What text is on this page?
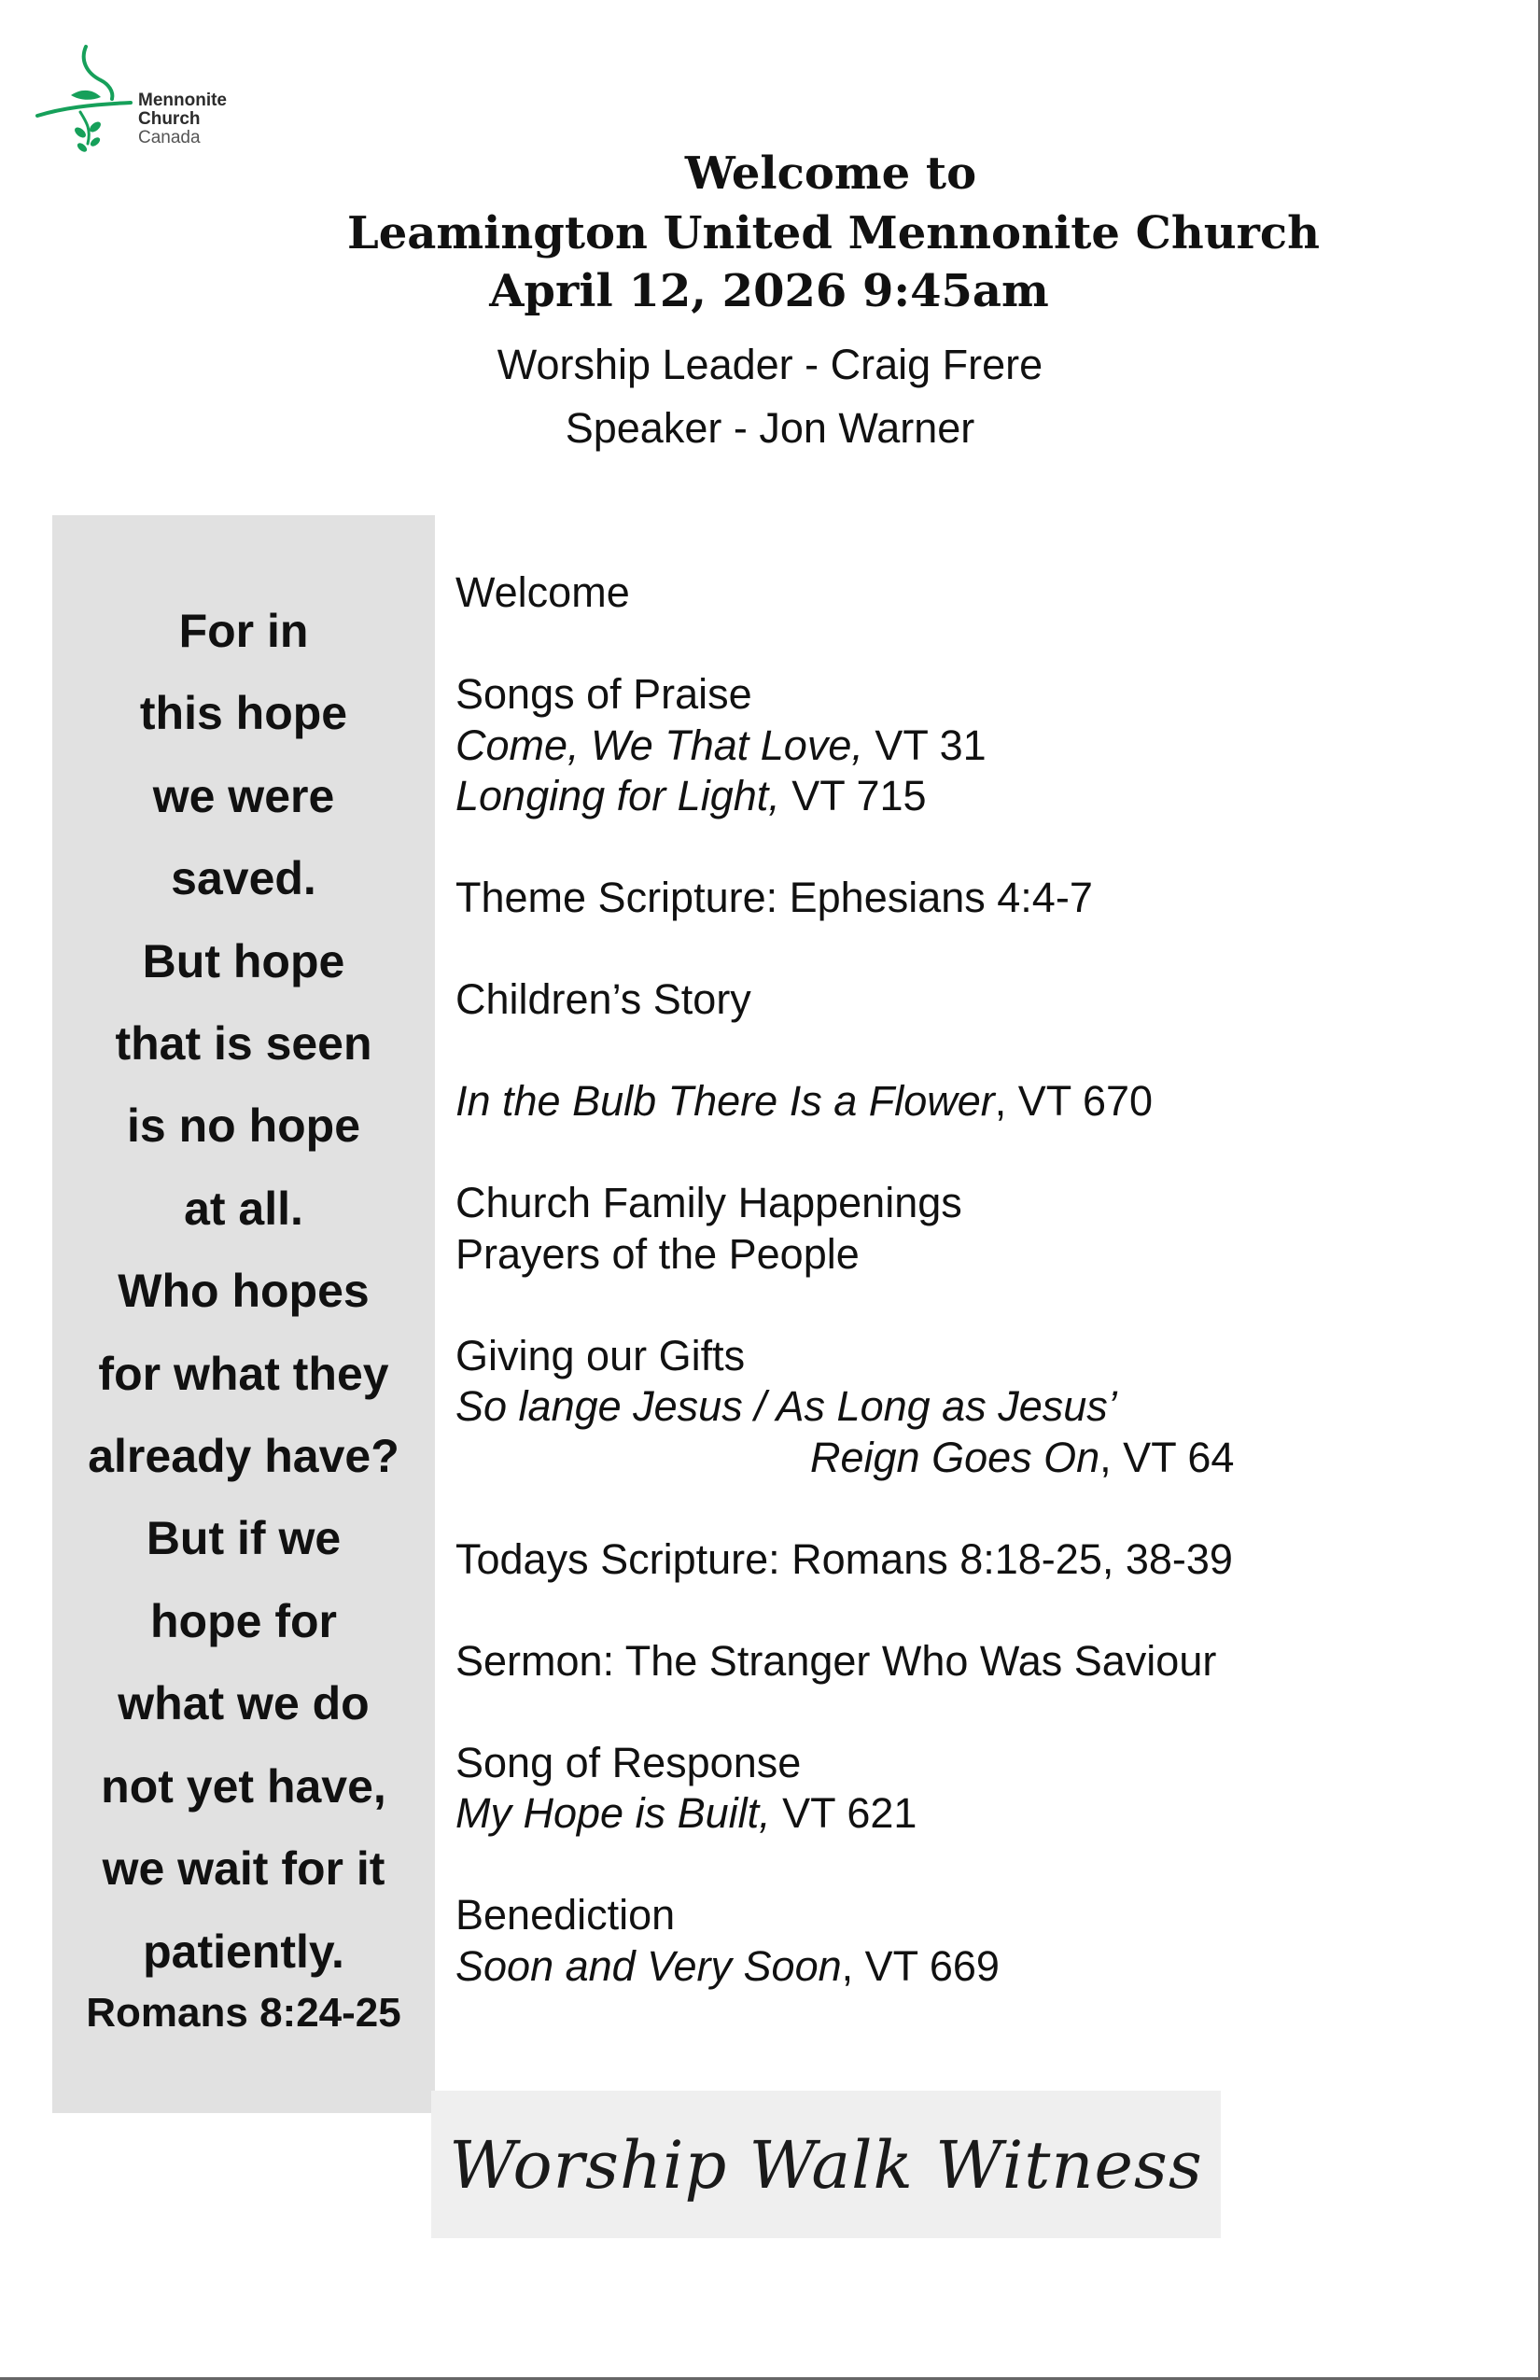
Mennonite
Church
Canada
Welcome to
Leamington United Mennonite Church
April 12, 2026 9:45am
Worship Leader - Craig Frere
Speaker - Jon Warner
For in
this hope
we were
saved.
But hope
that is seen
is no hope
at all.
Who hopes
for what they
already have?
But if we
hope for
what we do
not yet have,
we wait for it
patiently.
Romans 8:24-25
Welcome
Songs of Praise
Come, We That Love, VT 31
Longing for Light, VT 715
Theme Scripture: Ephesians 4:4-7
Children’s Story
In the Bulb There Is a Flower, VT 670
Church Family Happenings
Prayers of the People
Giving our Gifts
So lange Jesus / As Long as Jesus’
Reign Goes On, VT 64
Todays Scripture: Romans 8:18-25, 38-39
Sermon: The Stranger Who Was Saviour
Song of Response
My Hope is Built, VT 621
Benediction
Soon and Very Soon, VT 669
Worship Walk Witness
